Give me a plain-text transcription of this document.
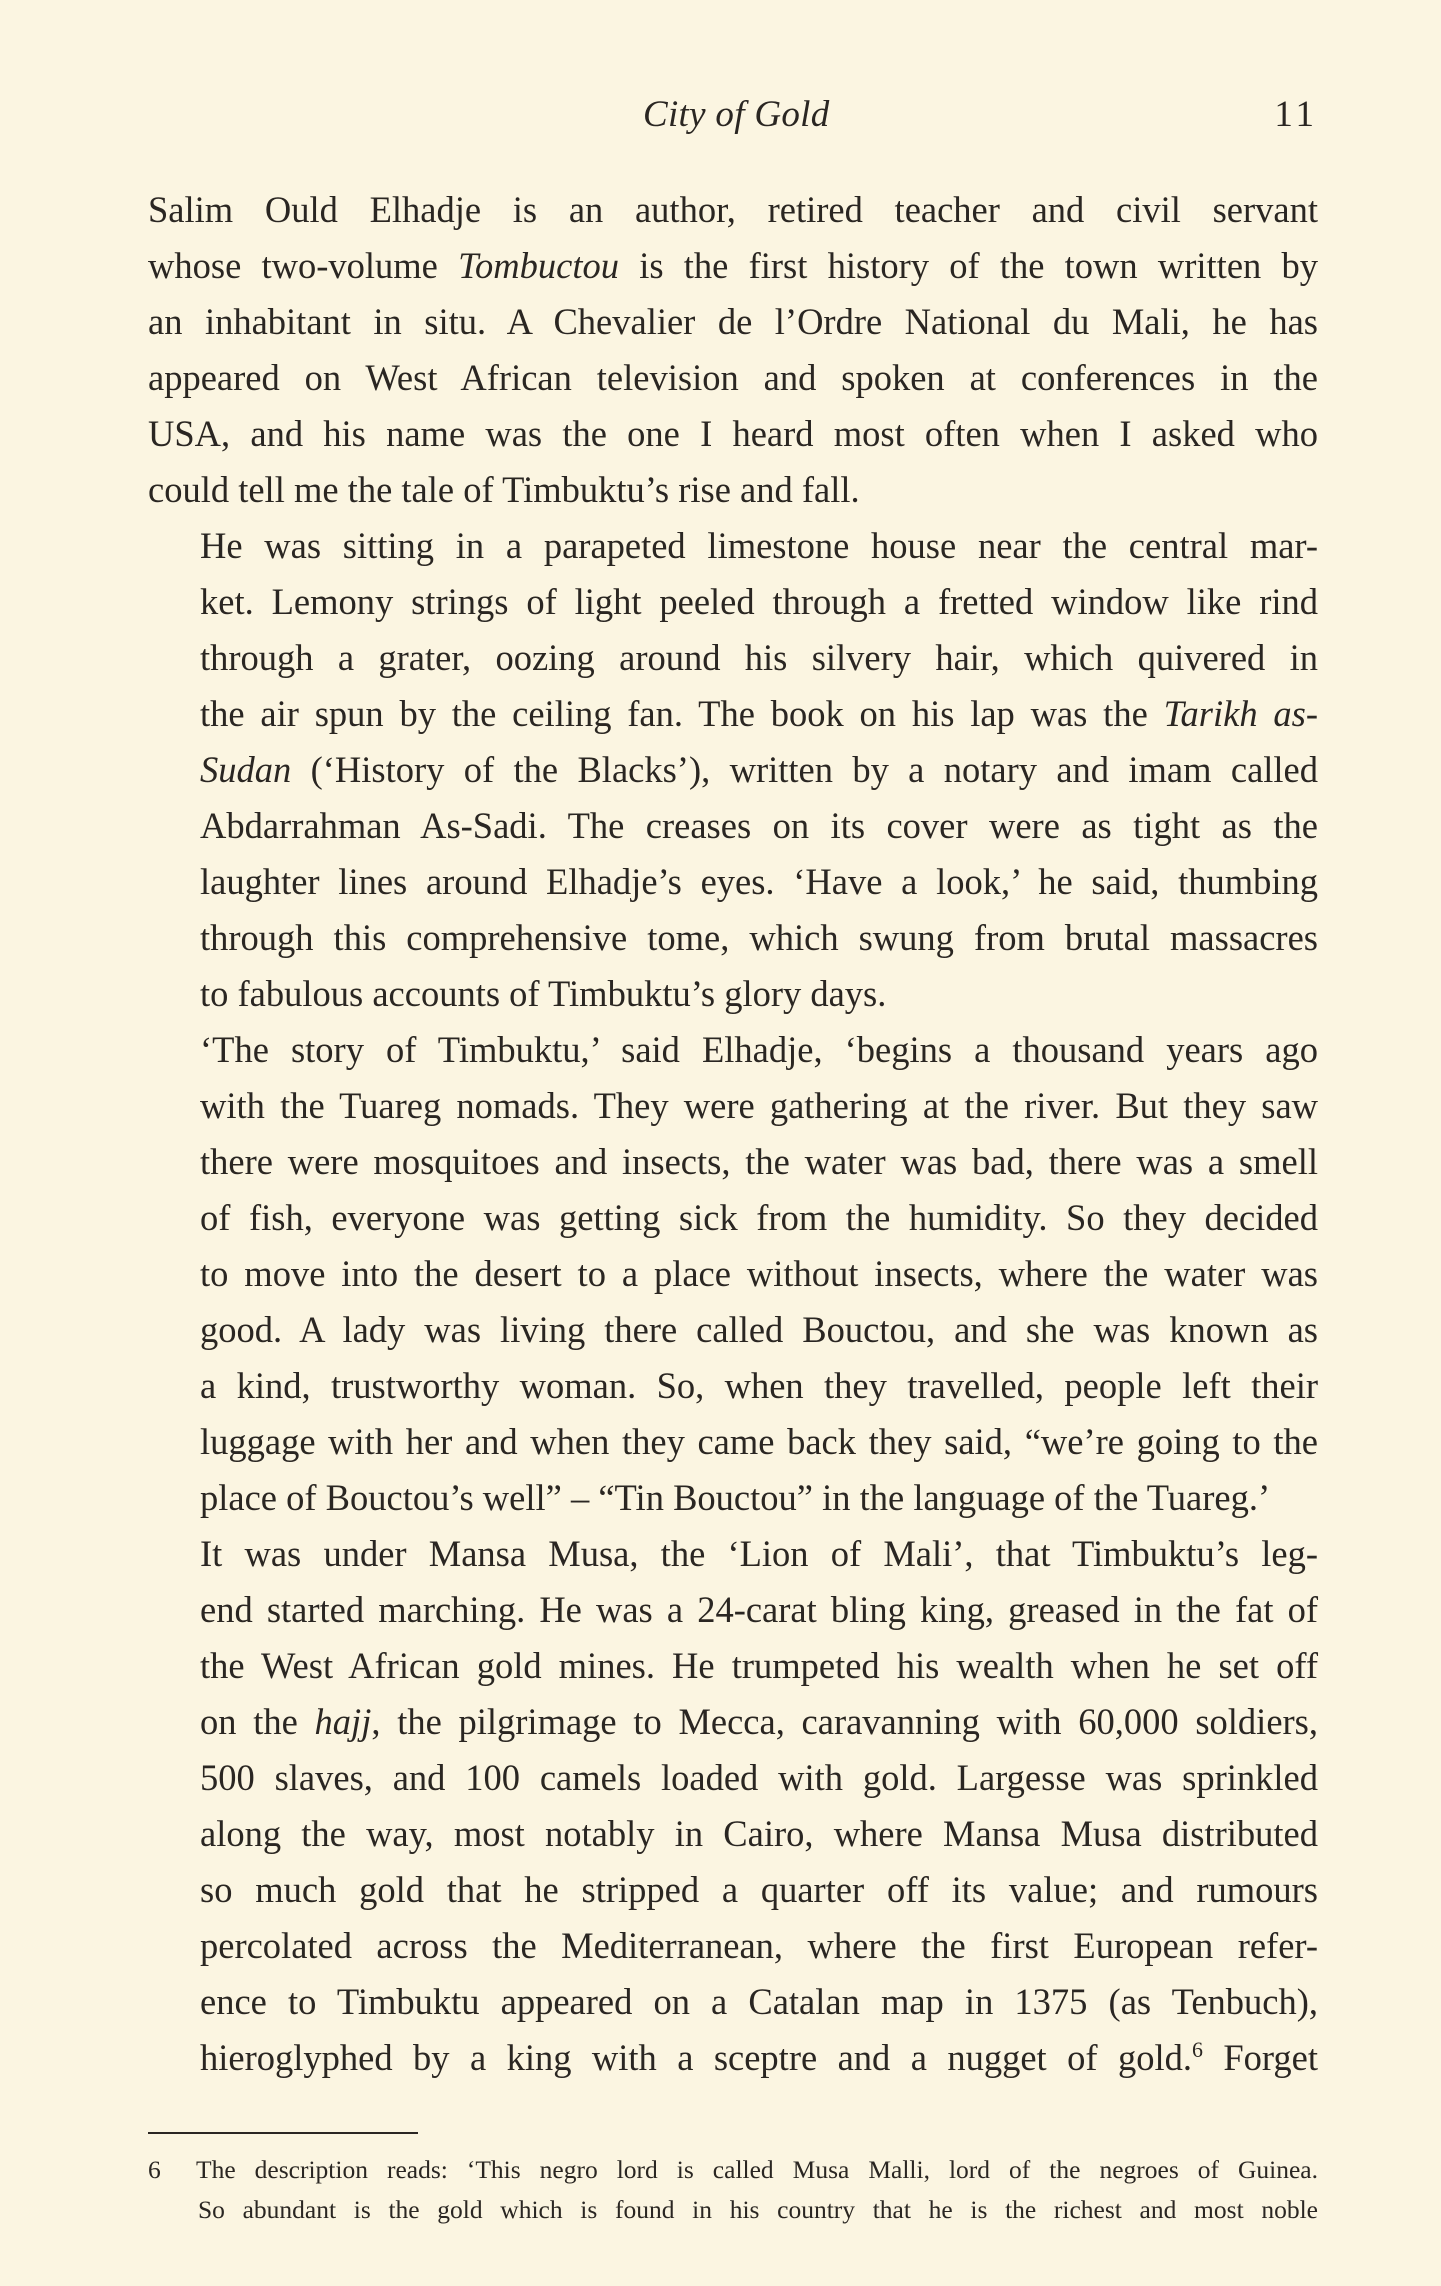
City of Gold	11

Salim Ould Elhadje is an author, retired teacher and civil servant
whose two-volume Tombuctou is the first history of the town written by
an inhabitant in situ. A Chevalier de l’Ordre National du Mali, he has
appeared on West African television and spoken at conferences in the
USA, and his name was the one I heard most often when I asked who
could tell me the tale of Timbuktu’s rise and fall.

He was sitting in a parapeted limestone house near the central mar-
ket. Lemony strings of light peeled through a fretted window like rind
through a grater, oozing around his silvery hair, which quivered in
the air spun by the ceiling fan. The book on his lap was the Tarikh as-
Sudan (‘History of the Blacks’), written by a notary and imam called
Abdarrahman As-Sadi. The creases on its cover were as tight as the
laughter lines around Elhadje’s eyes. ‘Have a look,’ he said, thumbing
through this comprehensive tome, which swung from brutal massacres
to fabulous accounts of Timbuktu’s glory days.

‘The story of Timbuktu,’ said Elhadje, ‘begins a thousand years ago
with the Tuareg nomads. They were gathering at the river. But they saw
there were mosquitoes and insects, the water was bad, there was a smell
of fish, everyone was getting sick from the humidity. So they decided
to move into the desert to a place without insects, where the water was
good. A lady was living there called Bouctou, and she was known as
a kind, trustworthy woman. So, when they travelled, people left their
luggage with her and when they came back they said, “we’re going to the
place of Bouctou’s well” – “Tin Bouctou” in the language of the Tuareg.’

It was under Mansa Musa, the ‘Lion of Mali’, that Timbuktu’s leg-
end started marching. He was a 24-carat bling king, greased in the fat of
the West African gold mines. He trumpeted his wealth when he set off
on the hajj, the pilgrimage to Mecca, caravanning with 60,000 soldiers,
500 slaves, and 100 camels loaded with gold. Largesse was sprinkled
along the way, most notably in Cairo, where Mansa Musa distributed
so much gold that he stripped a quarter off its value; and rumours
percolated across the Mediterranean, where the first European refer-
ence to Timbuktu appeared on a Catalan map in 1375 (as Tenbuch),
hieroglyphed by a king with a sceptre and a nugget of gold.$^6$ Forget

6 The description reads: ‘This negro lord is called Musa Malli, lord of the negroes of Guinea.
So abundant is the gold which is found in his country that he is the richest and most noble
